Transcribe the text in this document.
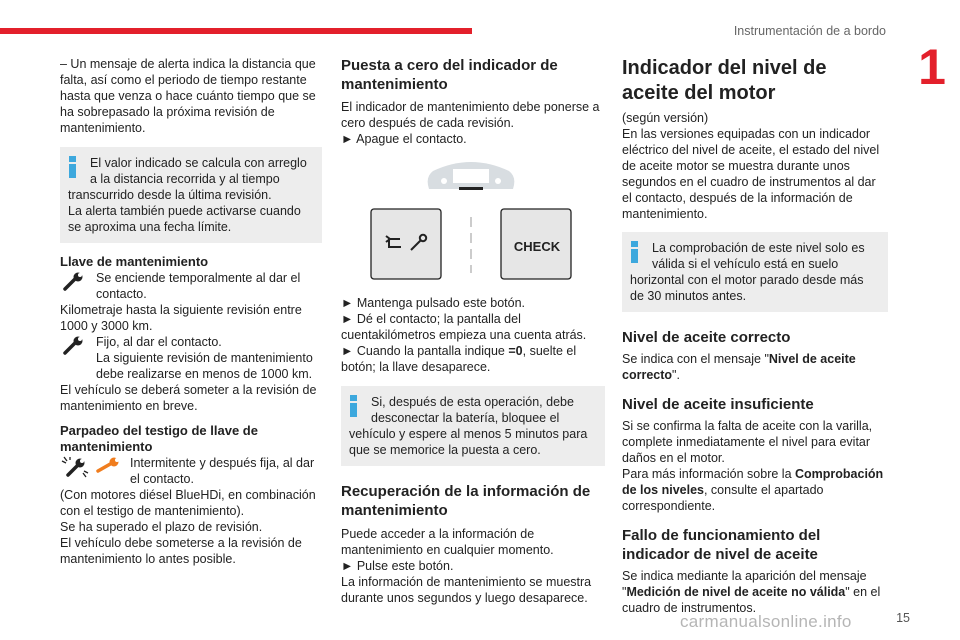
Instrumentación de a bordo
1

– Un mensaje de alerta indica la distancia que falta, así como el periodo de tiempo restante hasta que venza o hace cuánto tiempo que se ha sobrepasado la próxima revisión de mantenimiento.

El valor indicado se calcula con arreglo a la distancia recorrida y al tiempo

transcurrido desde la última revisión.

La alerta también puede activarse cuando se aproxima una fecha límite.

Llave de mantenimiento

Se enciende temporalmente al dar el contacto.

Kilometraje hasta la siguiente revisión entre 1000 y 3000 km.

Fijo, al dar el contacto.

La siguiente revisión de mantenimiento debe realizarse en menos de 1000 km.

El vehículo se deberá someter a la revisión de mantenimiento en breve.

Parpadeo del testigo de llave de mantenimiento

Intermitente y después fija, al dar el contacto.

(Con motores diésel BlueHDi, en combinación con el testigo de mantenimiento).

Se ha superado el plazo de revisión.

El vehículo debe someterse a la revisión de mantenimiento lo antes posible.

Puesta a cero del indicador de mantenimiento

El indicador de mantenimiento debe ponerse a cero después de cada revisión.

► Apague el contacto.

CHECK

► Mantenga pulsado este botón.

► Dé el contacto; la pantalla del cuentakilómetros empieza una cuenta atrás.

► Cuando la pantalla indique =0, suelte el botón; la llave desaparece.

Si, después de esta operación, debe desconectar la batería, bloquee el

vehículo y espere al menos 5 minutos para que se memorice la puesta a cero.

Recuperación de la información de mantenimiento

Puede acceder a la información de mantenimiento en cualquier momento.

► Pulse este botón.

La información de mantenimiento se muestra durante unos segundos y luego desaparece.

Indicador del nivel de aceite del motor

(según versión)

En las versiones equipadas con un indicador eléctrico del nivel de aceite, el estado del nivel de aceite motor se muestra durante unos segundos en el cuadro de instrumentos al dar el contacto, después de la información de mantenimiento.

La comprobación de este nivel solo es válida si el vehículo está en suelo

horizontal con el motor parado desde más de 30 minutos antes.

Nivel de aceite correcto

Se indica con el mensaje "Nivel de aceite correcto".

Nivel de aceite insuficiente

Si se confirma la falta de aceite con la varilla, complete inmediatamente el nivel para evitar daños en el motor.

Para más información sobre la Comprobación de los niveles, consulte el apartado correspondiente.

Fallo de funcionamiento del indicador de nivel de aceite

Se indica mediante la aparición del mensaje "Medición de nivel de aceite no válida" en el cuadro de instrumentos.

carmanualsonline.info	15
